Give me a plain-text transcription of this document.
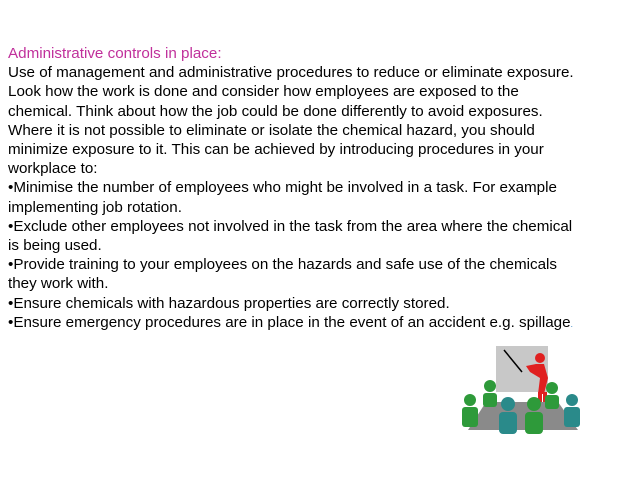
Administrative controls in place:
Use of management and administrative procedures to reduce or eliminate exposure.
Look how the work is done and consider how employees are exposed to the
chemical. Think about how the job could be done differently to avoid exposures.
Where it is not possible to eliminate or isolate the chemical hazard, you should
minimize exposure to it. This can be achieved by introducing procedures in your
workplace to:
•Minimise the number of employees who might be involved in a task. For example
implementing job rotation.
•Exclude other employees not involved in the task from the area where the chemical
is being used.
•Provide training to your employees on the hazards and safe use of the chemicals
they work with.
•Ensure chemicals with hazardous properties are correctly stored.
•Ensure emergency procedures are in place in the event of an accident e.g. spillage.
